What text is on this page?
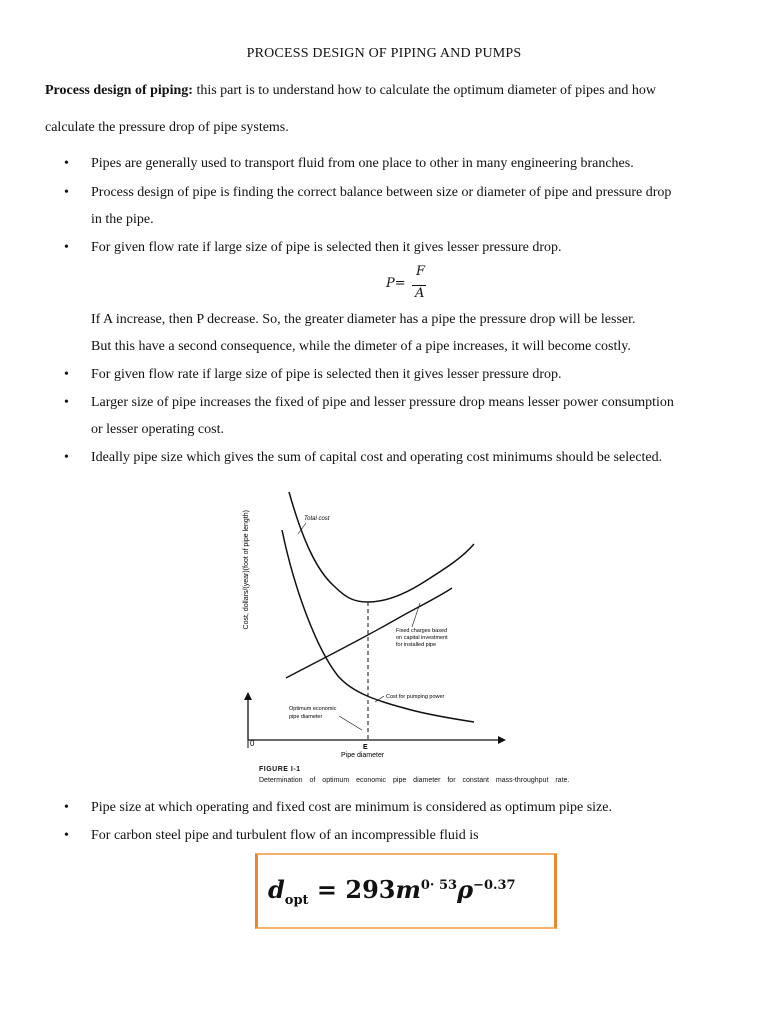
PROCESS DESIGN OF PIPING AND PUMPS
Process design of piping: this part is to understand how to calculate the optimum diameter of pipes and how
calculate the pressure drop of pipe systems.
• Pipes are generally used to transport fluid from one place to other in many engineering branches.
• Process design of pipe is finding the correct balance between size or diameter of pipe and pressure drop
in the pipe.
• For given flow rate if large size of pipe is selected then it gives lesser pressure drop.
P=
F
A
If A increase, then P decrease. So, the greater diameter has a pipe the pressure drop will be lesser.
But this have a second consequence, while the dimeter of a pipe increases, it will become costly.
• For given flow rate if large size of pipe is selected then it gives lesser pressure drop.
• Larger size of pipe increases the fixed of pipe and lesser pressure drop means lesser power consumption
or lesser operating cost.
• Ideally pipe size which gives the sum of capital cost and operating cost minimums should be selected.
Cost, dollars/(year)(foot of pipe length)
0	E
Pipe diameter
Total cost
Fixed charges based
on capital investment
for installed pipe
Cost for pumping power
Optimum economic
pipe diameter
FIGURE I-1
Determination of optimum economic pipe diameter for constant mass-throughput rate.
• Pipe size at which operating and fixed cost are minimum is considered as optimum pipe size.
• For carbon steel pipe and turbulent flow of an incompressible fluid is
$d_{opt} = 293m^{0\cdot 53}\rho^{-0.37}$
